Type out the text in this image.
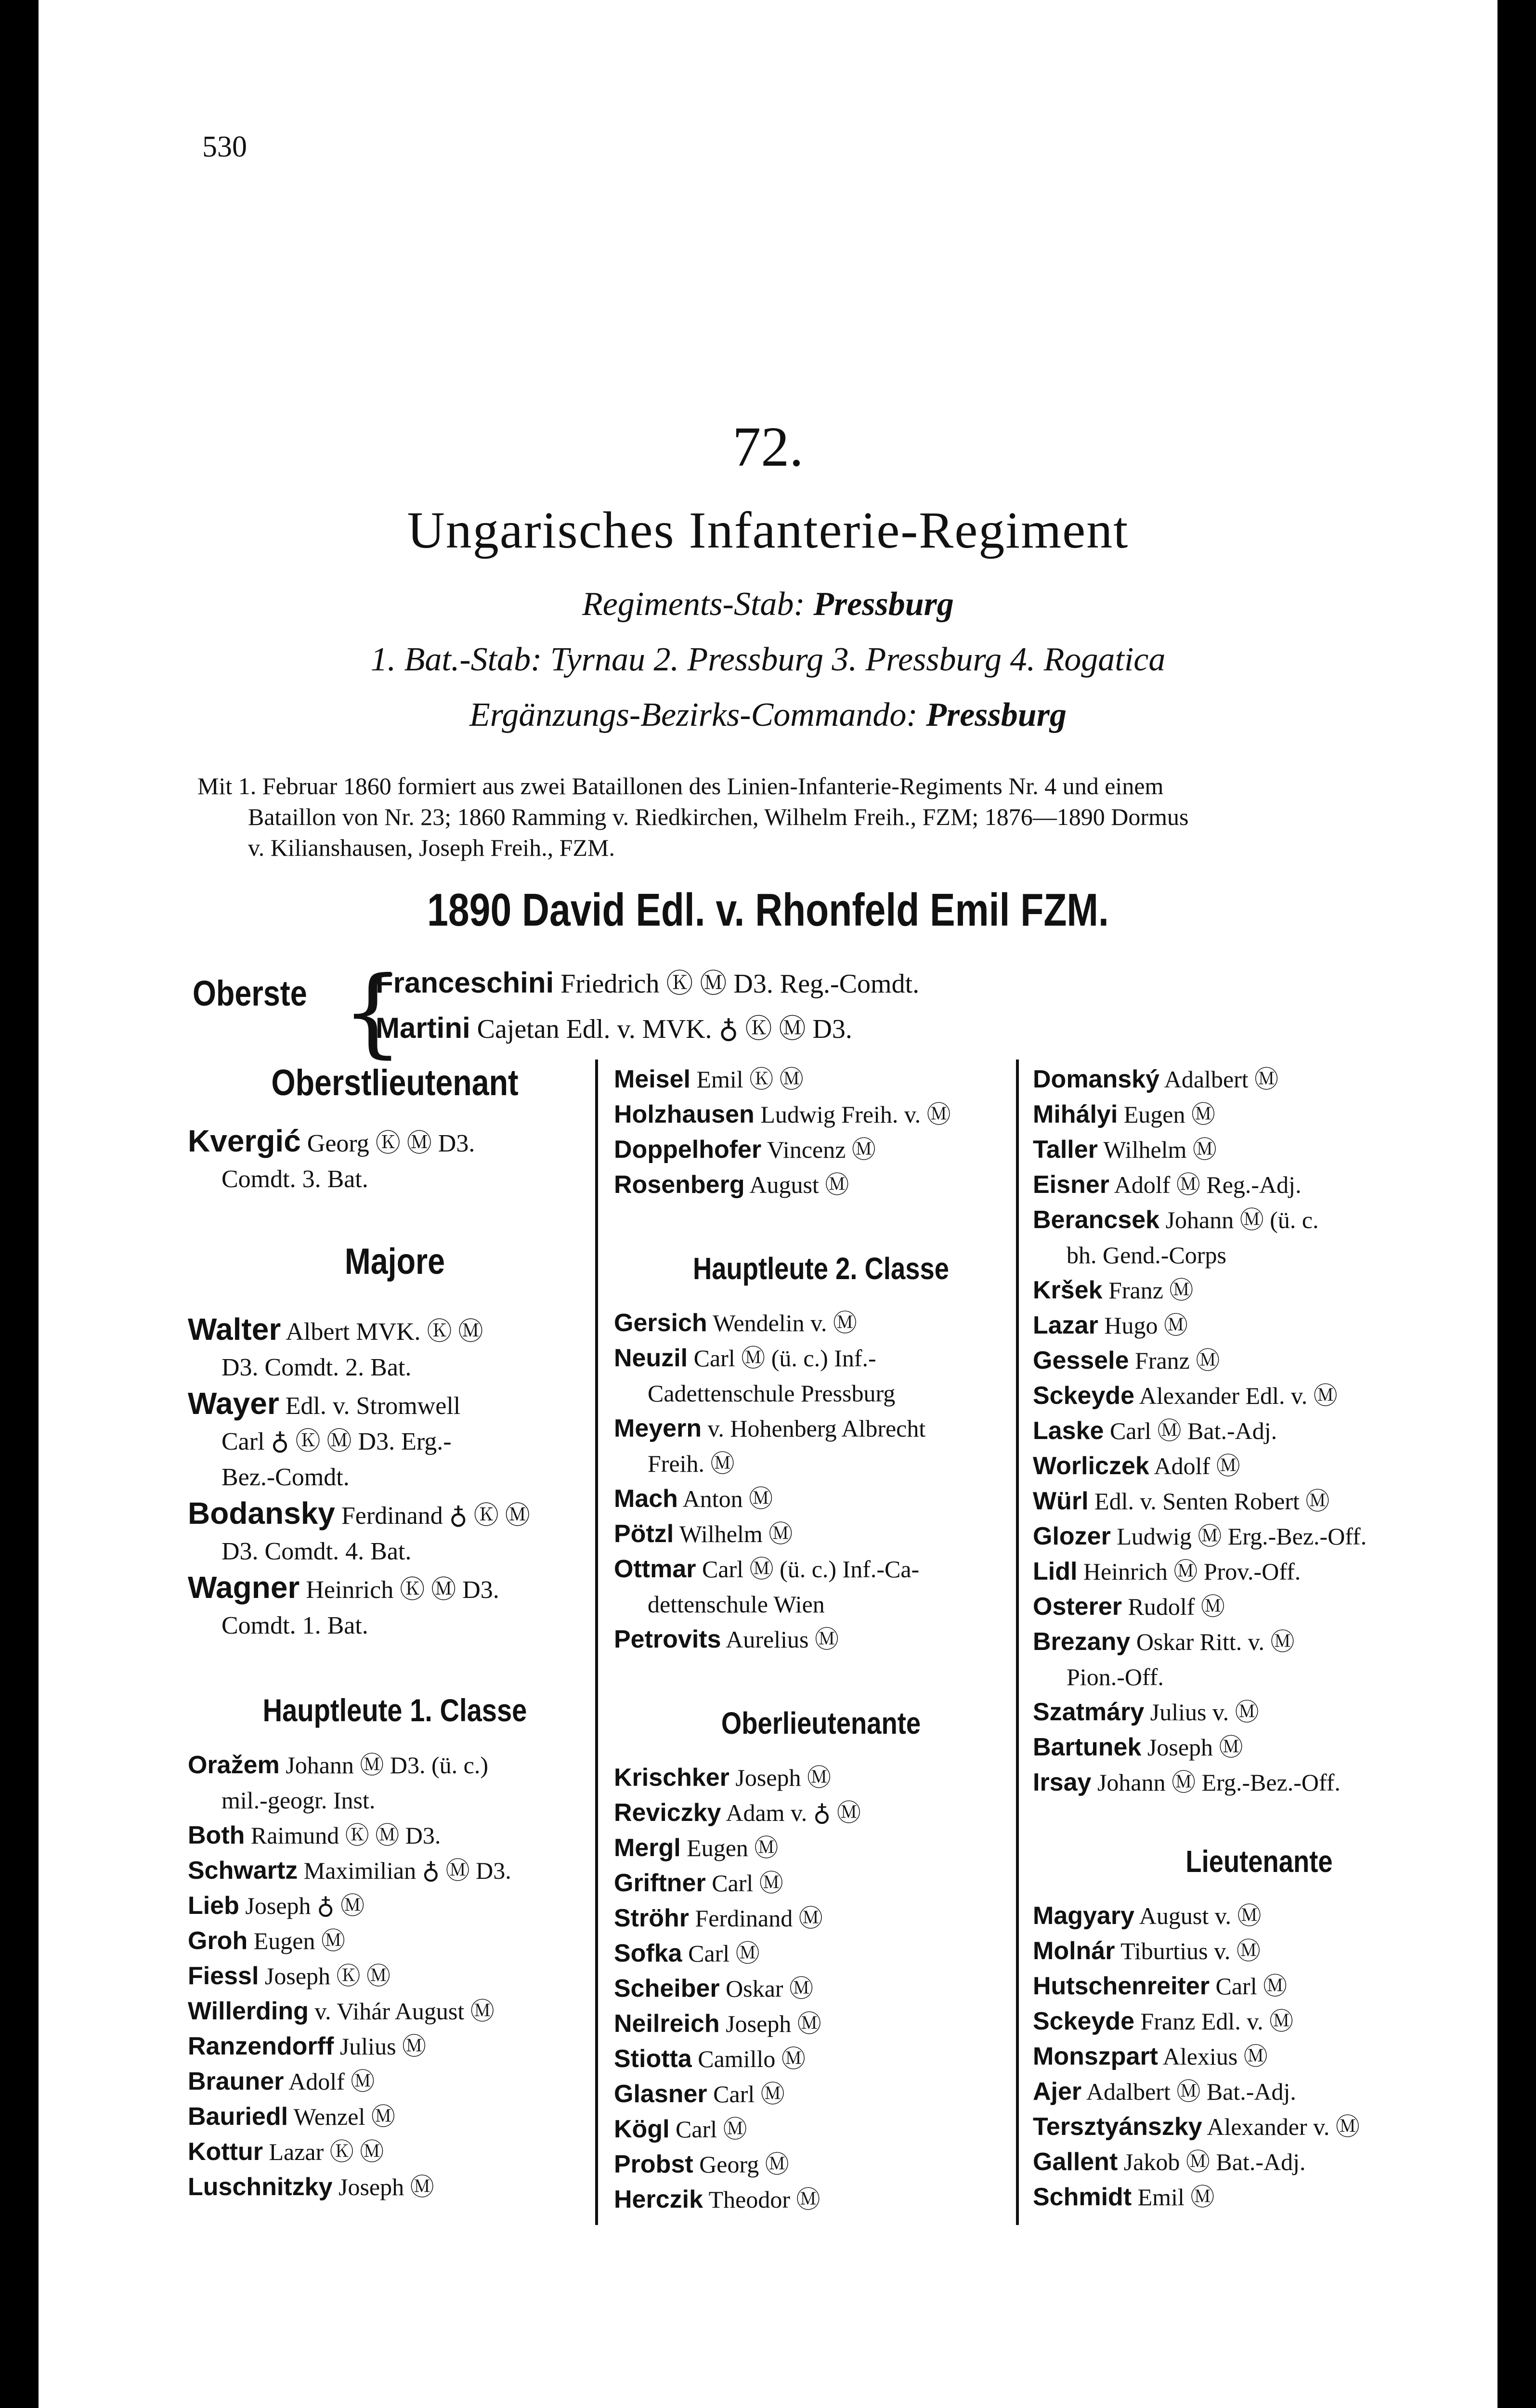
530
72.
Ungarisches Infanterie-Regiment
Regiments-Stab: Pressburg
1. Bat.-Stab: Tyrnau 2. Pressburg 3. Pressburg 4. Rogatica
Ergänzungs-Bezirks-Commando: Pressburg
Mit 1. Februar 1860 formiert aus zwei Bataillonen des Linien-Infanterie-Regiments Nr. 4 und einem
Bataillon von Nr. 23; 1860 Ramming v. Riedkirchen, Wilhelm Freih., FZM; 1876—1890 Dormus
v. Kilianshausen, Joseph Freih., FZM.
1890 David Edl. v. Rhonfeld Emil FZM.
Oberste {
Franceschini Friedrich Ⓚ Ⓜ D3. Reg.-Comdt.
Martini Cajetan Edl. v. MVK. ♁ Ⓚ Ⓜ D3.
Oberstlieutenant
Kvergić Georg Ⓚ Ⓜ D3.
Comdt. 3. Bat.
Majore
Walter Albert MVK. Ⓚ Ⓜ
D3. Comdt. 2. Bat.
Wayer Edl. v. Stromwell
Carl ♁ Ⓚ Ⓜ D3. Erg.-
Bez.-Comdt.
Bodansky Ferdinand ♁ Ⓚ Ⓜ
D3. Comdt. 4. Bat.
Wagner Heinrich Ⓚ Ⓜ D3.
Comdt. 1. Bat.
Hauptleute 1. Classe
Oražem Johann Ⓜ D3. (ü. c.)
mil.-geogr. Inst.
Both Raimund Ⓚ Ⓜ D3.
Schwartz Maximilian ♁ Ⓜ D3.
Lieb Joseph ♁ Ⓜ
Groh Eugen Ⓜ
Fiessl Joseph Ⓚ Ⓜ
Willerding v. Vihár August Ⓜ
Ranzendorff Julius Ⓜ
Brauner Adolf Ⓜ
Bauriedl Wenzel Ⓜ
Kottur Lazar Ⓚ Ⓜ
Luschnitzky Joseph Ⓜ
Meisel Emil Ⓚ Ⓜ
Holzhausen Ludwig Freih. v. Ⓜ
Doppelhofer Vincenz Ⓜ
Rosenberg August Ⓜ
Hauptleute 2. Classe
Gersich Wendelin v. Ⓜ
Neuzil Carl Ⓜ (ü. c.) Inf.-
Cadettenschule Pressburg
Meyern v. Hohenberg Albrecht
Freih. Ⓜ
Mach Anton Ⓜ
Pötzl Wilhelm Ⓜ
Ottmar Carl Ⓜ (ü. c.) Inf.-Ca-
dettenschule Wien
Petrovits Aurelius Ⓜ
Oberlieutenante
Krischker Joseph Ⓜ
Reviczky Adam v. ♁ Ⓜ
Mergl Eugen Ⓜ
Griftner Carl Ⓜ
Ströhr Ferdinand Ⓜ
Sofka Carl Ⓜ
Scheiber Oskar Ⓜ
Neilreich Joseph Ⓜ
Stiotta Camillo Ⓜ
Glasner Carl Ⓜ
Kögl Carl Ⓜ
Probst Georg Ⓜ
Herczik Theodor Ⓜ
Domanský Adalbert Ⓜ
Mihályi Eugen Ⓜ
Taller Wilhelm Ⓜ
Eisner Adolf Ⓜ Reg.-Adj.
Berancsek Johann Ⓜ (ü. c.
bh. Gend.-Corps
Kršek Franz Ⓜ
Lazar Hugo Ⓜ
Gessele Franz Ⓜ
Sckeyde Alexander Edl. v. Ⓜ
Laske Carl Ⓜ Bat.-Adj.
Worliczek Adolf Ⓜ
Würl Edl. v. Senten Robert Ⓜ
Glozer Ludwig Ⓜ Erg.-Bez.-Off.
Lidl Heinrich Ⓜ Prov.-Off.
Osterer Rudolf Ⓜ
Brezany Oskar Ritt. v. Ⓜ
Pion.-Off.
Szatmáry Julius v. Ⓜ
Bartunek Joseph Ⓜ
Irsay Johann Ⓜ Erg.-Bez.-Off.
Lieutenante
Magyary August v. Ⓜ
Molnár Tiburtius v. Ⓜ
Hutschenreiter Carl Ⓜ
Sckeyde Franz Edl. v. Ⓜ
Monszpart Alexius Ⓜ
Ajer Adalbert Ⓜ Bat.-Adj.
Tersztyánszky Alexander v. Ⓜ
Gallent Jakob Ⓜ Bat.-Adj.
Schmidt Emil Ⓜ
